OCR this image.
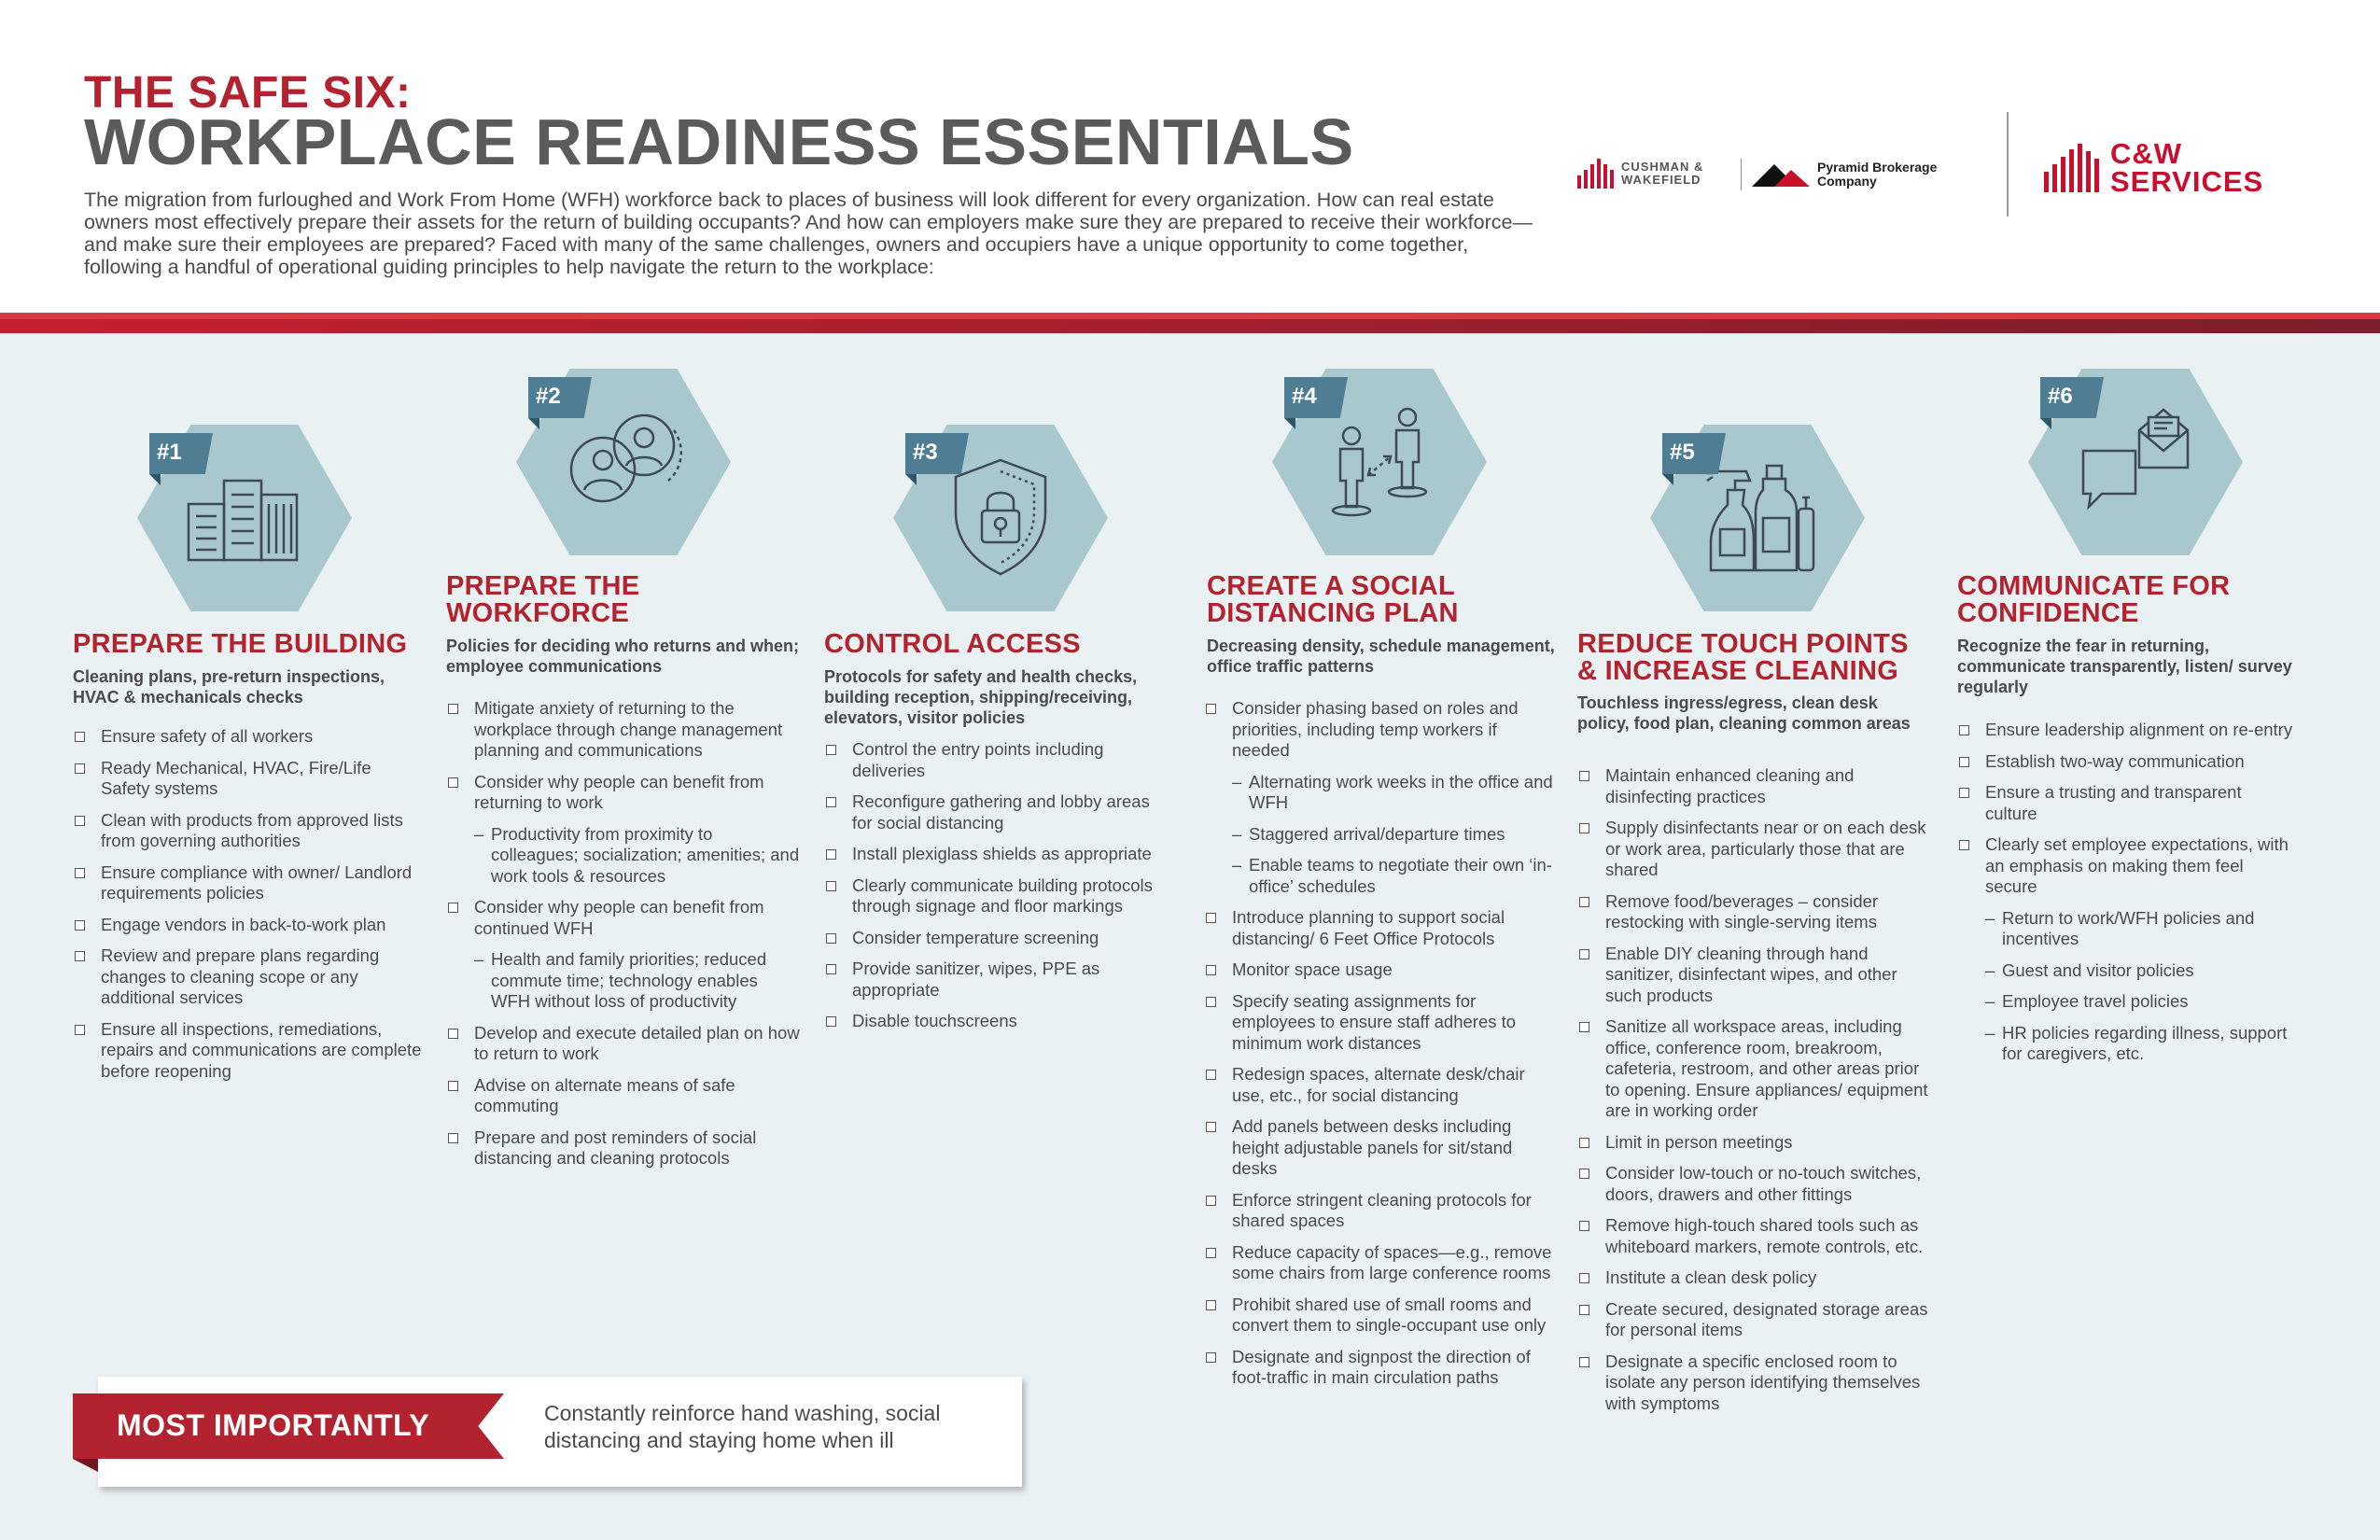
THE SAFE SIX:
WORKPLACE READINESS ESSENTIALS
The migration from furloughed and Work From Home (WFH) workforce back to places of business will look different for every organization. How can real estate owners most effectively prepare their assets for the return of building occupants? And how can employers make sure they are prepared to receive their workforce—and make sure their employees are prepared? Faced with many of the same challenges, owners and occupiers have a unique opportunity to come together, following a handful of operational guiding principles to help navigate the return to the workplace:
CUSHMAN &
WAKEFIELD
Pyramid Brokerage
Company
C&W
SERVICES
#1
PREPARE THE BUILDING
Cleaning plans, pre-return inspections, HVAC & mechanicals checks
Ensure safety of all workers
Ready Mechanical, HVAC, Fire/Life Safety systems
Clean with products from approved lists from governing authorities
Ensure compliance with owner/ Landlord requirements policies
Engage vendors in back-to-work plan
Review and prepare plans regarding changes to cleaning scope or any additional services
Ensure all inspections, remediations, repairs and communications are complete before reopening
#2
PREPARE THE WORKFORCE
Policies for deciding who returns and when; employee communications
Mitigate anxiety of returning to the workplace through change management planning and communications
Consider why people can benefit from returning to work
– Productivity from proximity to colleagues; socialization; amenities; and work tools & resources
Consider why people can benefit from continued WFH
– Health and family priorities; reduced commute time; technology enables WFH without loss of productivity
Develop and execute detailed plan on how to return to work
Advise on alternate means of safe commuting
Prepare and post reminders of social distancing and cleaning protocols
#3
CONTROL ACCESS
Protocols for safety and health checks, building reception, shipping/receiving, elevators, visitor policies
Control the entry points including deliveries
Reconfigure gathering and lobby areas for social distancing
Install plexiglass shields as appropriate
Clearly communicate building protocols through signage and floor markings
Consider temperature screening
Provide sanitizer, wipes, PPE as appropriate
Disable touchscreens
#4
CREATE A SOCIAL DISTANCING PLAN
Decreasing density, schedule management, office traffic patterns
Consider phasing based on roles and priorities, including temp workers if needed
– Alternating work weeks in the office and WFH
– Staggered arrival/departure times
– Enable teams to negotiate their own ‘in-office’ schedules
Introduce planning to support social distancing/ 6 Feet Office Protocols
Monitor space usage
Specify seating assignments for employees to ensure staff adheres to minimum work distances
Redesign spaces, alternate desk/chair use, etc., for social distancing
Add panels between desks including height adjustable panels for sit/stand desks
Enforce stringent cleaning protocols for shared spaces
Reduce capacity of spaces—e.g., remove some chairs from large conference rooms
Prohibit shared use of small rooms and convert them to single-occupant use only
Designate and signpost the direction of foot-traffic in main circulation paths
#5
REDUCE TOUCH POINTS & INCREASE CLEANING
Touchless ingress/egress, clean desk policy, food plan, cleaning common areas
Maintain enhanced cleaning and disinfecting practices
Supply disinfectants near or on each desk or work area, particularly those that are shared
Remove food/beverages – consider restocking with single-serving items
Enable DIY cleaning through hand sanitizer, disinfectant wipes, and other such products
Sanitize all workspace areas, including office, conference room, breakroom, cafeteria, restroom, and other areas prior to opening. Ensure appliances/ equipment are in working order
Limit in person meetings
Consider low-touch or no-touch switches, doors, drawers and other fittings
Remove high-touch shared tools such as whiteboard markers, remote controls, etc.
Institute a clean desk policy
Create secured, designated storage areas for personal items
Designate a specific enclosed room to isolate any person identifying themselves with symptoms
#6
COMMUNICATE FOR CONFIDENCE
Recognize the fear in returning, communicate transparently, listen/ survey regularly
Ensure leadership alignment on re-entry
Establish two-way communication
Ensure a trusting and transparent culture
Clearly set employee expectations, with an emphasis on making them feel secure
– Return to work/WFH policies and incentives
– Guest and visitor policies
– Employee travel policies
– HR policies regarding illness, support for caregivers, etc.
MOST IMPORTANTLY	Constantly reinforce hand washing, social distancing and staying home when ill
